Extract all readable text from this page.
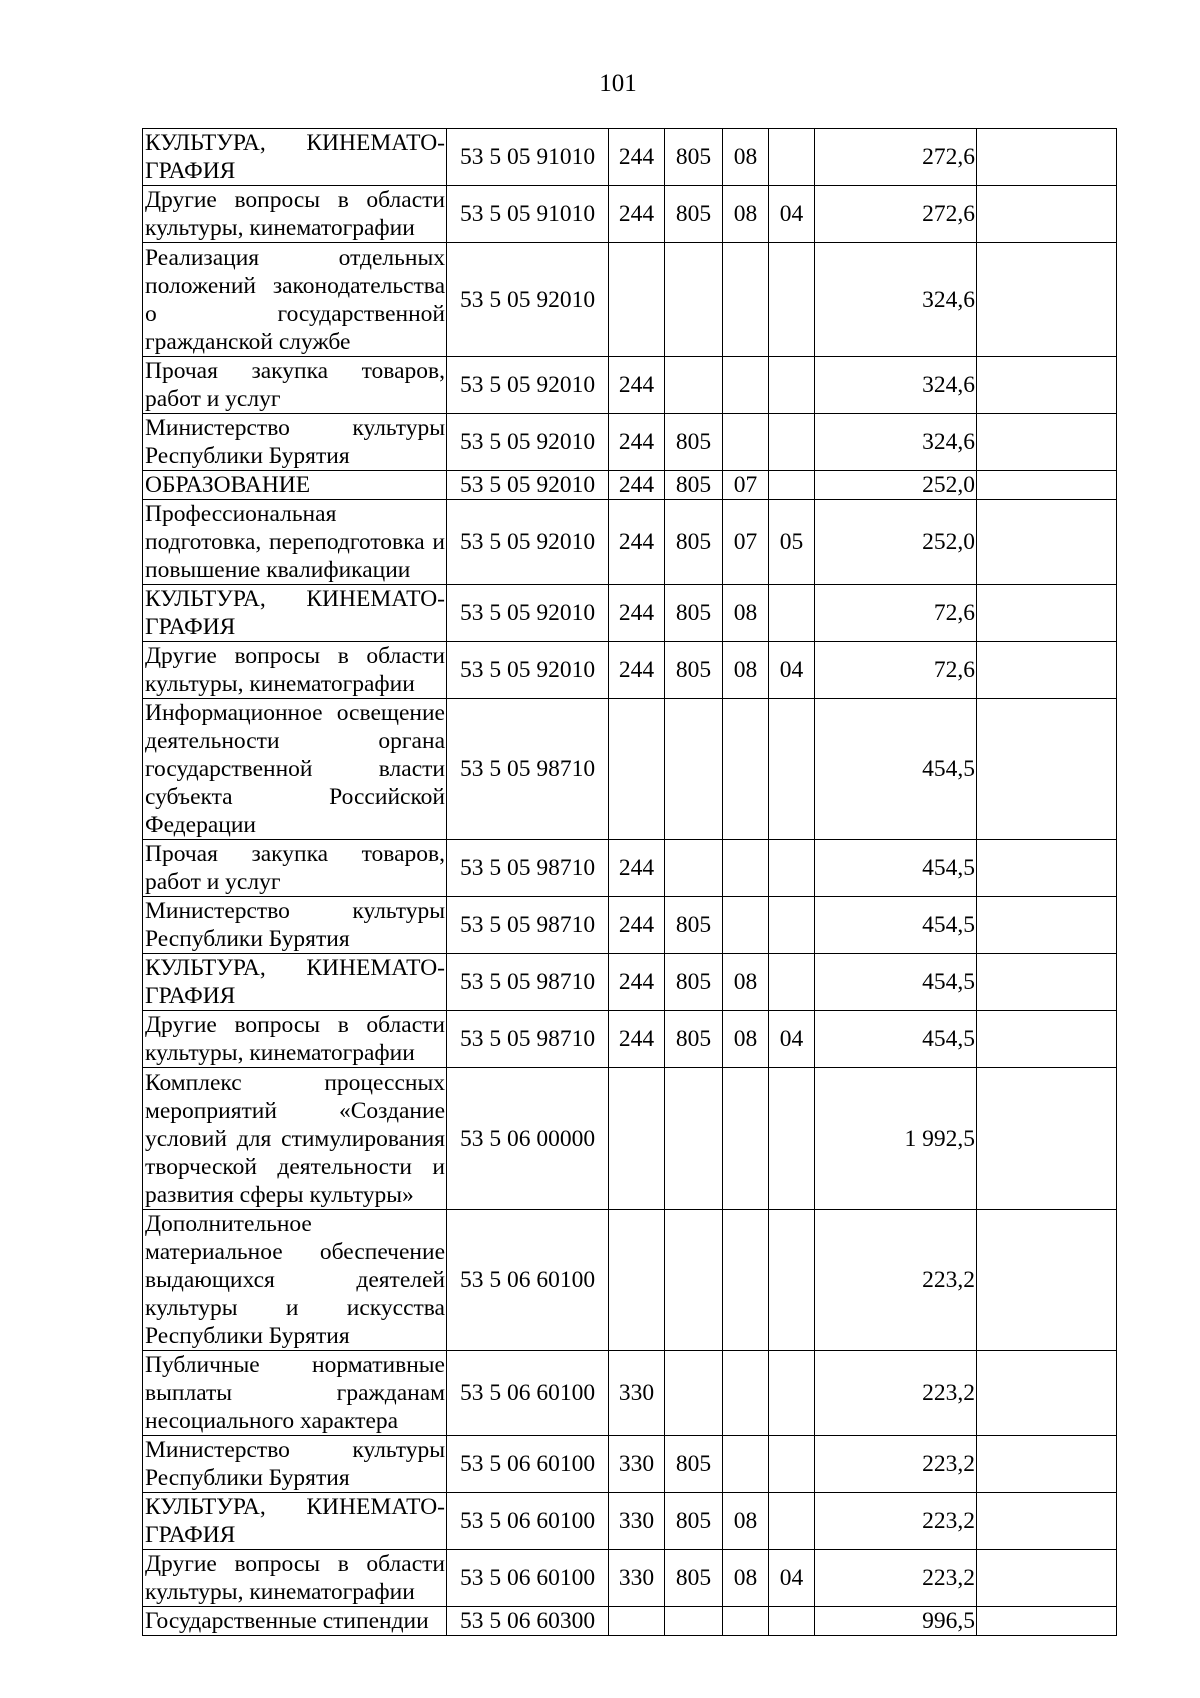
101
КУЛЬТУРА, КИНЕМАТО-ГРАФИЯ	53 5 05 91010	244	805	08		272,6	
Другие вопросы в области культуры, кинематографии	53 5 05 91010	244	805	08	04	272,6	
Реализация отдельных положений законодательства о государственной гражданской службе	53 5 05 92010					324,6	
Прочая закупка товаров, работ и услуг	53 5 05 92010	244				324,6	
Министерство культуры Республики Бурятия	53 5 05 92010	244	805			324,6	
ОБРАЗОВАНИЕ	53 5 05 92010	244	805	07		252,0	
Профессиональная подготовка, переподготовка и повышение квалификации	53 5 05 92010	244	805	07	05	252,0	
КУЛЬТУРА, КИНЕМАТО-ГРАФИЯ	53 5 05 92010	244	805	08		72,6	
Другие вопросы в области культуры, кинематографии	53 5 05 92010	244	805	08	04	72,6	
Информационное освещение деятельности органа государственной власти субъекта Российской Федерации	53 5 05 98710					454,5	
Прочая закупка товаров, работ и услуг	53 5 05 98710	244				454,5	
Министерство культуры Республики Бурятия	53 5 05 98710	244	805			454,5	
КУЛЬТУРА, КИНЕМАТО-ГРАФИЯ	53 5 05 98710	244	805	08		454,5	
Другие вопросы в области культуры, кинематографии	53 5 05 98710	244	805	08	04	454,5	
Комплекс процессных мероприятий «Создание условий для стимулирования творческой деятельности и развития сферы культуры»	53 5 06 00000					1 992,5	
Дополнительное материальное обеспечение выдающихся деятелей культуры и искусства Республики Бурятия	53 5 06 60100					223,2	
Публичные нормативные выплаты гражданам несоциального характера	53 5 06 60100	330				223,2	
Министерство культуры Республики Бурятия	53 5 06 60100	330	805			223,2	
КУЛЬТУРА, КИНЕМАТО-ГРАФИЯ	53 5 06 60100	330	805	08		223,2	
Другие вопросы в области культуры, кинематографии	53 5 06 60100	330	805	08	04	223,2	
Государственные стипендии	53 5 06 60300					996,5	
